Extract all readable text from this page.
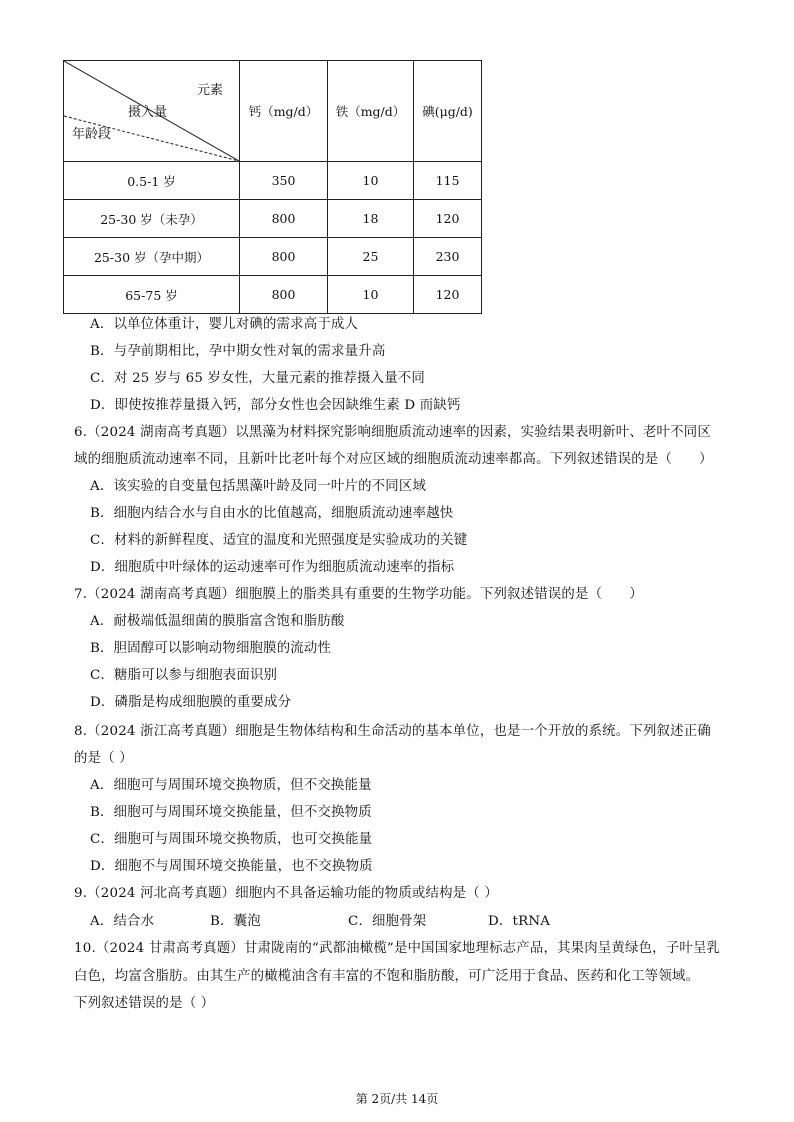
元素
摄入量
年龄段	钙（mg/d）	铁（mg/d）	碘(μg/d)
0.5-1 岁	350	10	115
25-30 岁（未孕）	800	18	120
25-30 岁（孕中期）	800	25	230
65-75 岁	800	10	120
A．以单位体重计，婴儿对碘的需求高于成人
B．与孕前期相比，孕中期女性对氧的需求量升高
C．对 25 岁与 65 岁女性，大量元素的推荐摄入量不同
D．即使按推荐量摄入钙，部分女性也会因缺维生素 D 而缺钙
6.（2024 湖南高考真题）以黑藻为材料探究影响细胞质流动速率的因素，实验结果表明新叶、老叶不同区
域的细胞质流动速率不同，且新叶比老叶每个对应区域的细胞质流动速率都高。下列叙述错误的是（　　）
A．该实验的自变量包括黑藻叶龄及同一叶片的不同区域
B．细胞内结合水与自由水的比值越高，细胞质流动速率越快
C．材料的新鲜程度、适宜的温度和光照强度是实验成功的关键
D．细胞质中叶绿体的运动速率可作为细胞质流动速率的指标
7.（2024 湖南高考真题）细胞膜上的脂类具有重要的生物学功能。下列叙述错误的是（　　）
A．耐极端低温细菌的膜脂富含饱和脂肪酸
B．胆固醇可以影响动物细胞膜的流动性
C．糖脂可以参与细胞表面识别
D．磷脂是构成细胞膜的重要成分
8.（2024 浙江高考真题）细胞是生物体结构和生命活动的基本单位，也是一个开放的系统。下列叙述正确
的是（ ）
A．细胞可与周围环境交换物质，但不交换能量
B．细胞可与周围环境交换能量，但不交换物质
C．细胞可与周围环境交换物质，也可交换能量
D．细胞不与周围环境交换能量，也不交换物质
9.（2024 河北高考真题）细胞内不具备运输功能的物质或结构是（ ）
A．结合水	B．囊泡	C．细胞骨架	D．tRNA
10.（2024 甘肃高考真题）甘肃陇南的“武都油橄榄”是中国国家地理标志产品，其果肉呈黄绿色，子叶呈乳
白色，均富含脂肪。由其生产的橄榄油含有丰富的不饱和脂肪酸，可广泛用于食品、医药和化工等领域。
下列叙述错误的是（ ）
第 2页/共 14页
